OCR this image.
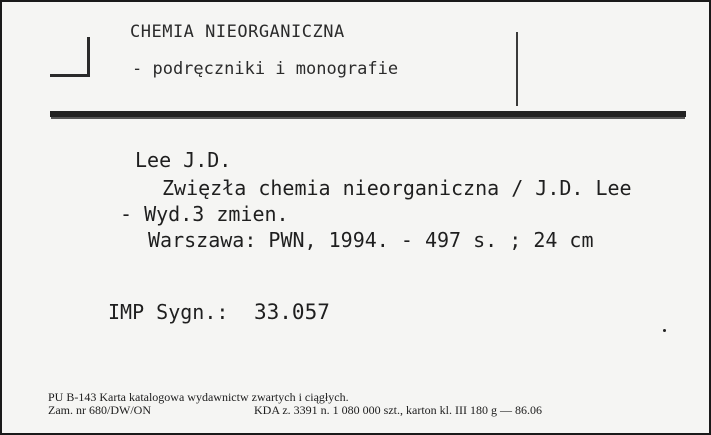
CHEMIA NIEORGANICZNA
- podręczniki i monografie
Lee J.D.
Zwięzła chemia nieorganiczna / J.D. Lee
- Wyd.3 zmien.
Warszawa: PWN, 1994. - 497 s. ; 24 cm
IMP Sygn.: 33.057
PU B-143 Karta katalogowa wydawnictw zwartych i ciągłych.
Zam. nr 680/DW/ON	KDA z. 3391 n. 1 080 000 szt., karton kl. III 180 g — 86.06
